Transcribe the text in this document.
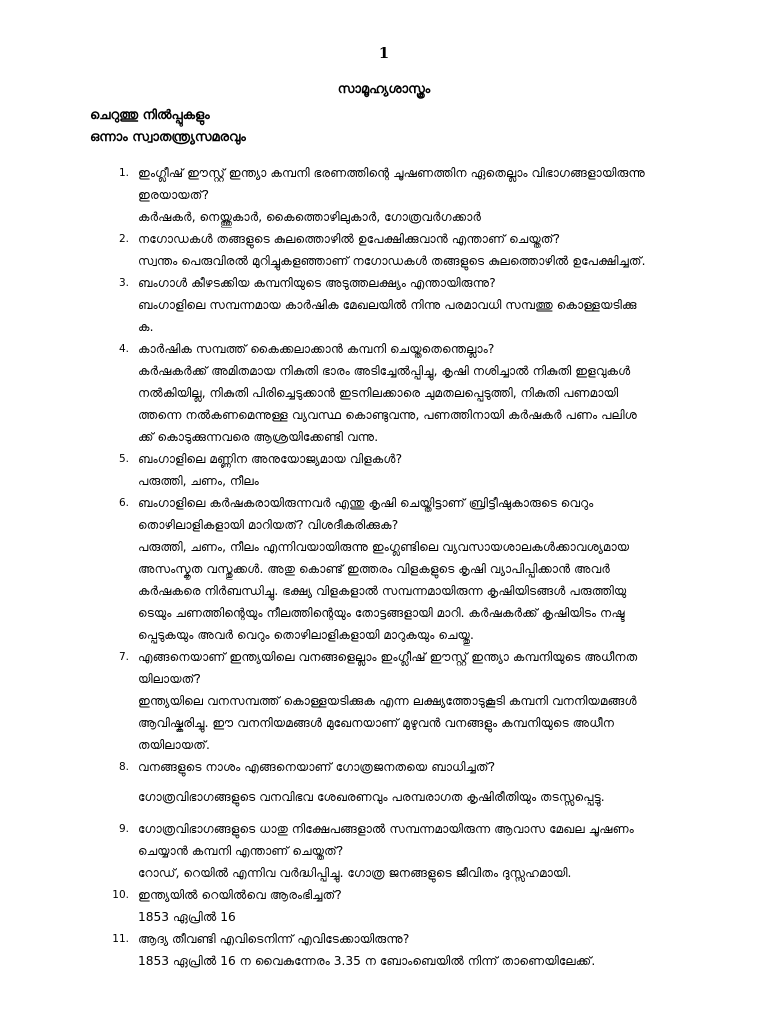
1
സാമൂഹ്യശാസ്ത്രം
ചെറുത്തു നിൽപ്പുകളും
ഒന്നാം സ്വാതന്ത്ര്യസമരവും
1. ഇംഗ്ലീഷ് ഈസ്റ്റ് ഇന്ത്യാ കമ്പനി ഭരണത്തിന്റെ ചൂഷണത്തിന ഏതെല്ലാം വിഭാഗങ്ങളായിരുന്നു
ഇരയായത്?
കർഷകർ, നെയ്ത്തുകാർ, കൈത്തൊഴിലുകാർ, ഗോത്രവർഗക്കാർ
2. നഗോഡകൾ തങ്ങളുടെ കുലത്തൊഴിൽ ഉപേക്ഷിക്കുവാൻ എന്താണ് ചെയ്തത്?
സ്വന്തം പെരുവിരൽ മുറിച്ചുകളഞ്ഞാണ് നഗോഡകൾ തങ്ങളുടെ കുലത്തൊഴിൽ ഉപേക്ഷിച്ചത്.
3. ബംഗാൾ കീഴടക്കിയ കമ്പനിയുടെ അടുത്തലക്ഷ്യം എന്തായിരുന്നു?
ബംഗാളിലെ സമ്പന്നമായ കാർഷിക മേഖലയിൽ നിന്നു പരമാവധി സമ്പത്തു കൊള്ളയടിക്കു
ക.
4. കാർഷിക സമ്പത്ത് കൈക്കലാക്കാൻ കമ്പനി ചെയ്തതെന്തെല്ലാം?
കർഷകർക്ക് അമിതമായ നികുതി ഭാരം അടിച്ചേൽപ്പിച്ചു, കൃഷി നശിച്ചാൽ നികുതി ഇളവുകൾ
നൽകിയില്ല, നികുതി പിരിച്ചെടുക്കാൻ ഇടനിലക്കാരെ ചുമതലപ്പെടുത്തി, നികുതി പണമായി
ത്തന്നെ നൽകണമെന്നുള്ള വ്യവസ്ഥ കൊണ്ടുവന്നു, പണത്തിനായി കർഷകർ പണം പലിശ
ക്ക് കൊടുക്കുന്നവരെ ആശ്രയിക്കേണ്ടി വന്നു.
5. ബംഗാളിലെ മണ്ണിന അനുയോജ്യമായ വിളകൾ?
പരുത്തി, ചണം, നീലം
6. ബംഗാളിലെ കർഷകരായിരുന്നവർ എന്തു കൃഷി ചെയ്തിട്ടാണ് ബ്രിട്ടീഷുകാരുടെ വെറും
തൊഴിലാളികളായി മാറിയത്? വിശദീകരിക്കുക?
പരുത്തി, ചണം, നീലം എന്നിവയായിരുന്നു ഇംഗ്ലണ്ടിലെ വ്യവസായശാലകൾക്കാവശ്യമായ
അസംസ്കൃത വസ്തുക്കൾ. അതു കൊണ്ട് ഇത്തരം വിളകളുടെ കൃഷി വ്യാപിപ്പിക്കാൻ അവർ
കർഷകരെ നിർബന്ധിച്ചു. ഭക്ഷ്യ വിളകളാൽ സമ്പന്നമായിരുന്ന കൃഷിയിടങ്ങൾ പരുത്തിയു
ടെയും ചണത്തിന്റെയും നീലത്തിന്റെയും തോട്ടങ്ങളായി മാറി. കർഷകർക്ക് കൃഷിയിടം നഷ്ട
പ്പെടുകയും അവർ വെറും തൊഴിലാളികളായി മാറുകയും ചെയ്തു.
7. എങ്ങനെയാണ് ഇന്ത്യയിലെ വനങ്ങളെല്ലാം ഇംഗ്ലീഷ് ഈസ്റ്റ് ഇന്ത്യാ കമ്പനിയുടെ അധീനത
യിലായത്?
ഇന്ത്യയിലെ വനസമ്പത്ത് കൊള്ളയടിക്കുക എന്ന ലക്ഷ്യത്തോടുകൂടി കമ്പനി വനനിയമങ്ങൾ
ആവിഷ്കരിച്ചു. ഈ വനനിയമങ്ങൾ മുഖേനയാണ് മുഴുവൻ വനങ്ങളും കമ്പനിയുടെ അധീന
തയിലായത്.
8. വനങ്ങളുടെ നാശം എങ്ങനെയാണ് ഗോത്രജനതയെ ബാധിച്ചത്?
ഗോത്രവിഭാഗങ്ങളുടെ വനവിഭവ ശേഖരണവും പരമ്പരാഗത കൃഷിരീതിയും തടസ്സപ്പെട്ടു.
9. ഗോത്രവിഭാഗങ്ങളുടെ ധാതു നിക്ഷേപങ്ങളാൽ സമ്പന്നമായിരുന്ന ആവാസ മേഖല ചൂഷണം
ചെയ്യാൻ കമ്പനി എന്താണ് ചെയ്തത്?
റോഡ്, റെയിൽ എന്നിവ വർദ്ധിപ്പിച്ചു. ഗോത്ര ജനങ്ങളുടെ ജീവിതം ദുസ്സഹമായി.
10. ഇന്ത്യയിൽ റെയിൽവെ ആരംഭിച്ചത്?
1853 ഏപ്രിൽ 16
11. ആദ്യ തീവണ്ടി എവിടെനിന്ന് എവിടേക്കായിരുന്നു?
1853 ഏപ്രിൽ 16 ന വൈകുന്നേരം 3.35 ന ബോംബെയിൽ നിന്ന് താണെയിലേക്ക്.
